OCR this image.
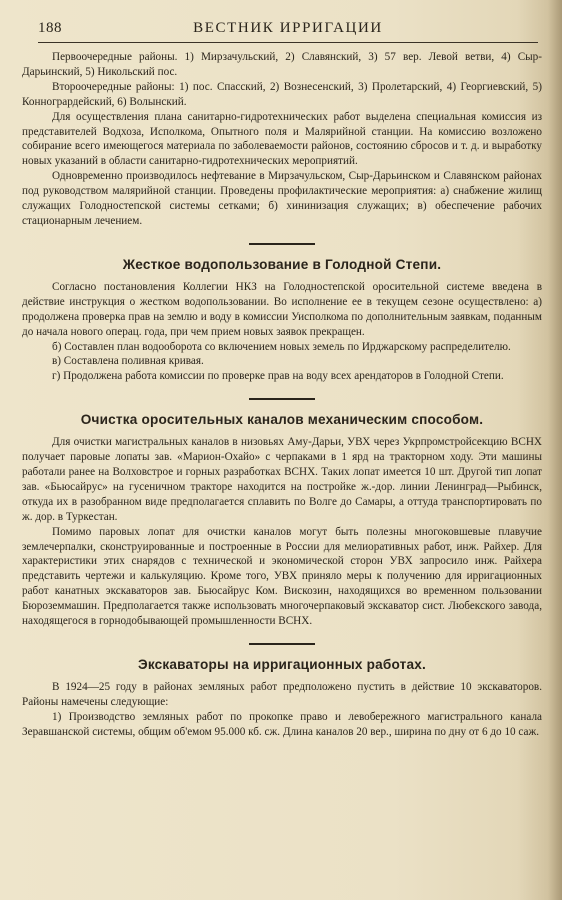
188	ВЕСТНИК ИРРИГАЦИИ

Первоочередные районы. 1) Мирзачульский, 2) Славянский, 3) 57 вер. Левой ветви, 4) Сыр-Дарьинский, 5) Никольский пос.

Второочередные районы: 1) пос. Спасский, 2) Вознесенский, 3) Пролетарский, 4) Георгиевский, 5) Конногрардейский, 6) Волынский.

Для осуществления плана санитарно-гидротехнических работ выделена специальная комиссия из представителей Водхоза, Исполкома, Опытного поля и Малярийной станции. На комиссию возложено собирание всего имеющегося материала по заболеваемости районов, состоянию сбросов и т. д. и выработку новых указаний в области санитарно-гидротехнических мероприятий.

Одновременно производилось нефтевание в Мирзачульском, Сыр-Дарьинском и Славянском районах под руководством малярийной станции. Проведены профилактические мероприятия: а) снабжение жилищ служащих Голодностепской системы сетками; б) хининизация служащих; в) обеспечение рабочих стационарным лечением.

Жесткое водопользование в Голодной Степи.

Согласно постановления Коллегии НКЗ на Голодностепской оросительной системе введена в действие инструкция о жестком водопользовании. Во исполнение ее в текущем сезоне осуществлено: а) продолжена проверка прав на землю и воду в комиссии Уисполкома по дополнительным заявкам, поданным до начала нового операц. года, при чем прием новых заявок прекращен.

б) Составлен план водооборота со включением новых земель по Ирджарскому распределителю.

в) Составлена поливная кривая.

г) Продолжена работа комиссии по проверке прав на воду всех арендаторов в Голодной Степи.

Очистка оросительных каналов механическим способом.

Для очистки магистральных каналов в низовьях Аму-Дарьи, УВХ через Укрпромстройсекцию ВСНХ получает паровые лопаты зав. «Марион-Охайо» с черпаками в 1 ярд на тракторном ходу. Эти машины работали ранее на Волховстрое и горных разработках ВСНХ. Таких лопат имеется 10 шт. Другой тип лопат зав. «Бьюсайрус» на гусеничном тракторе находится на постройке ж.-дор. линии Ленинград—Рыбинск, откуда их в разобранном виде предполагается сплавить по Волге до Самары, а оттуда транспортировать по ж. дор. в Туркестан.

Помимо паровых лопат для очистки каналов могут быть полезны многоковшевые плавучие землечерпалки, сконструированные и построенные в России для мелиоративных работ, инж. Райхер. Для характеристики этих снарядов с технической и экономической сторон УВХ запросило инж. Райхера представить чертежи и калькуляцию. Кроме того, УВХ приняло меры к получению для ирригационных работ канатных экскаваторов зав. Бьюсайрус Ком. Вискозин, находящихся во временном пользовании Бюроземмашин. Предполагается также использовать многочерпаковый экскаватор сист. Любекского завода, находящегося в горнодобывающей промышленности ВСНХ.

Экскаваторы на ирригационных работах.

В 1924—25 году в районах земляных работ предположено пустить в действие 10 экскаваторов. Районы намечены следующие:

1) Производство земляных работ по прокопке право и левобережного магистрального канала Зеравшанской системы, общим об'емом 95.000 кб. сж. Длина каналов 20 вер., ширина по дну от 6 до 10 саж.
